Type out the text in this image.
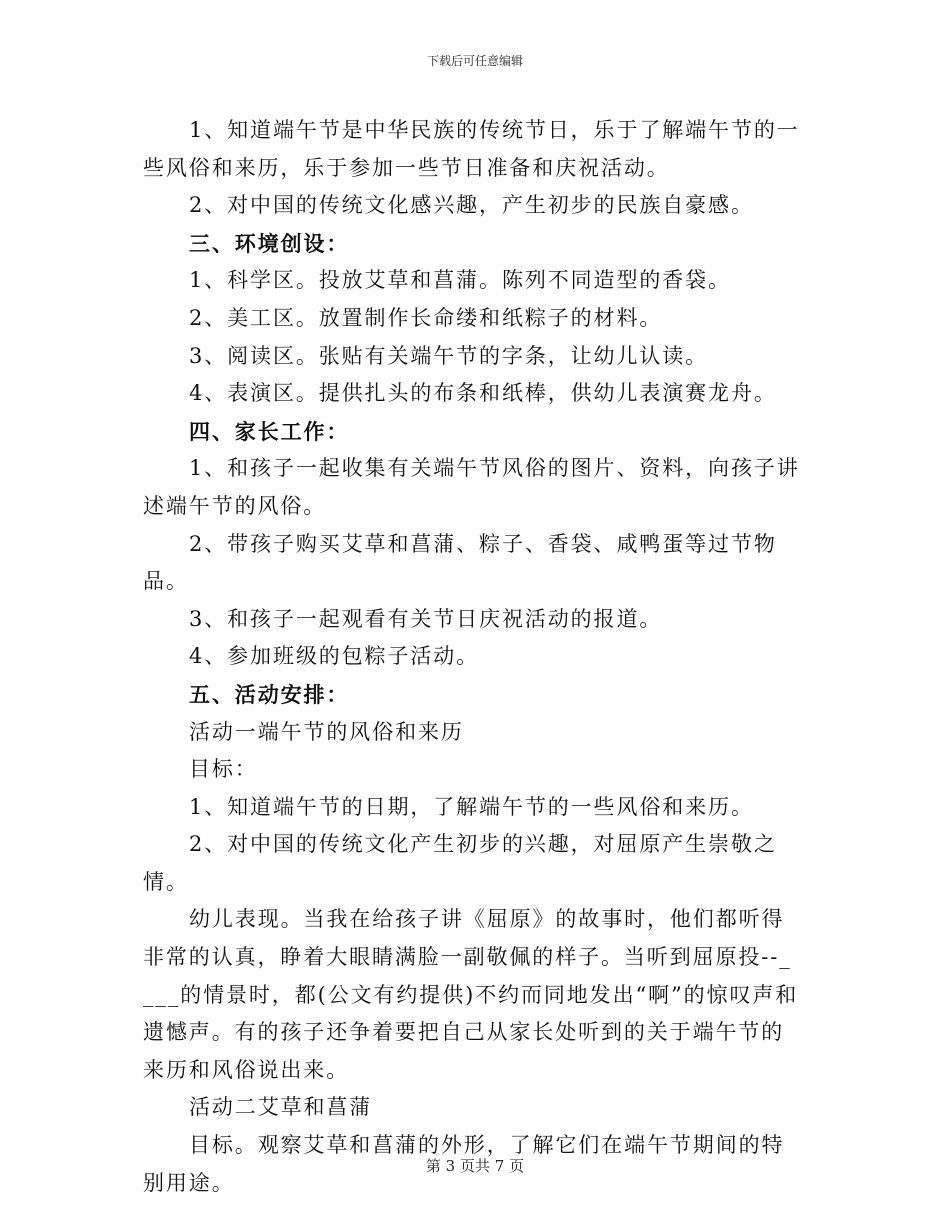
下载后可任意编辑

1、知道端午节是中华民族的传统节日，乐于了解端午节的一些风俗和来历，乐于参加一些节日准备和庆祝活动。

2、对中国的传统文化感兴趣，产生初步的民族自豪感。

三、环境创设：

1、科学区。投放艾草和菖蒲。陈列不同造型的香袋。

2、美工区。放置制作长命缕和纸粽子的材料。

3、阅读区。张贴有关端午节的字条，让幼儿认读。

4、表演区。提供扎头的布条和纸棒，供幼儿表演赛龙舟。

四、家长工作：

1、和孩子一起收集有关端午节风俗的图片、资料，向孩子讲述端午节的风俗。

2、带孩子购买艾草和菖蒲、粽子、香袋、咸鸭蛋等过节物品。

3、和孩子一起观看有关节日庆祝活动的报道。

4、参加班级的包粽子活动。

五、活动安排：

活动一端午节的风俗和来历

目标：

1、知道端午节的日期，了解端午节的一些风俗和来历。

2、对中国的传统文化产生初步的兴趣，对屈原产生崇敬之情。

幼儿表现。当我在给孩子讲《屈原》的故事时，他们都听得非常的认真，睁着大眼睛满脸一副敬佩的样子。当听到屈原投--____的情景时，都(公文有约提供)不约而同地发出“啊”的惊叹声和遗憾声。有的孩子还争着要把自己从家长处听到的关于端午节的来历和风俗说出来。

活动二艾草和菖蒲

目标。观察艾草和菖蒲的外形，了解它们在端午节期间的特别用途。

第 3 页共 7 页
